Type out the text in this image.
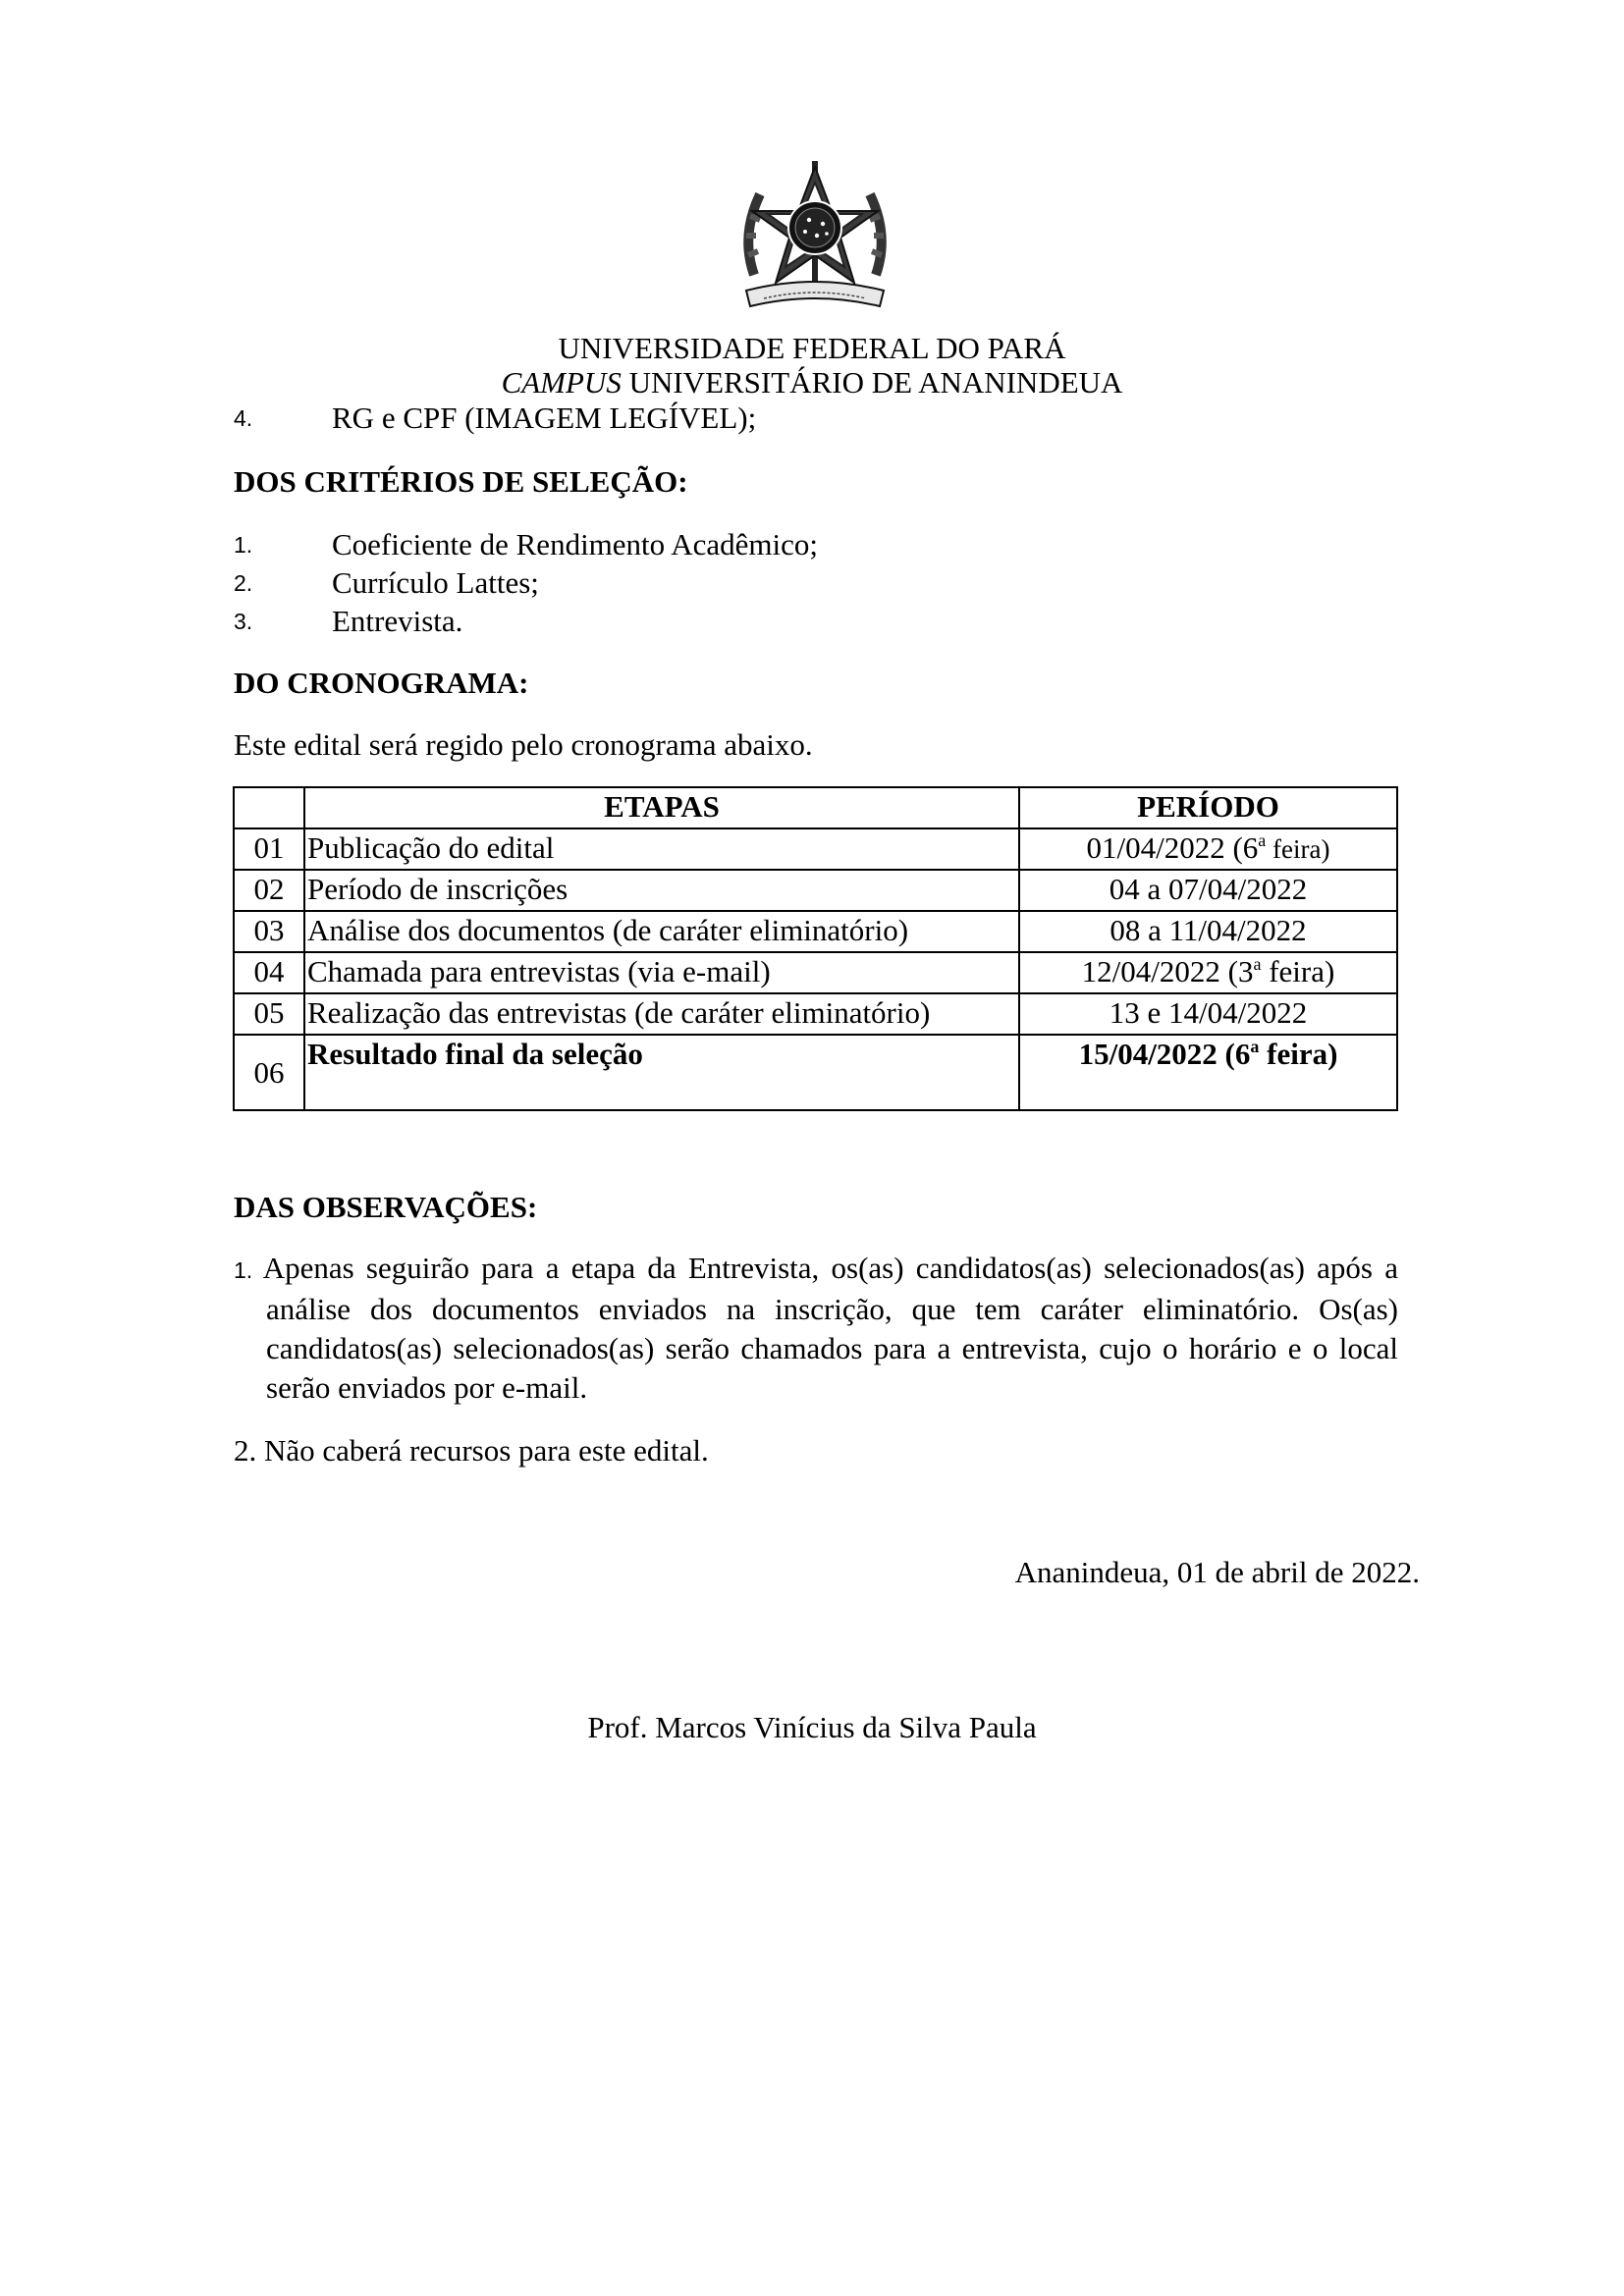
UNIVERSIDADE FEDERAL DO PARÁ
CAMPUS UNIVERSITÁRIO DE ANANINDEUA
4.	RG e CPF (IMAGEM LEGÍVEL);
DOS CRITÉRIOS DE SELEÇÃO:
1.	Coeficiente de Rendimento Acadêmico;
2.	Currículo Lattes;
3.	Entrevista.
DO CRONOGRAMA:
Este edital será regido pelo cronograma abaixo.
	ETAPAS	PERÍODO
01	Publicação do edital	01/04/2022 (6$^a$ feira)
02	Período de inscrições	04 a 07/04/2022
03	Análise dos documentos (de caráter eliminatório)	08 a 11/04/2022
04	Chamada para entrevistas (via e-mail)	12/04/2022 (3$^a$ feira)
05	Realização das entrevistas (de caráter eliminatório)	13 e 14/04/2022
06	Resultado final da seleção	15/04/2022 (6$^a$ feira)
DAS OBSERVAÇÕES:
1. Apenas seguirão para a etapa da Entrevista, os(as) candidatos(as) selecionados(as) após a análise dos documentos enviados na inscrição, que tem caráter eliminatório. Os(as) candidatos(as) selecionados(as) serão chamados para a entrevista, cujo o horário e o local serão enviados por e-mail.
2. Não caberá recursos para este edital.
Ananindeua, 01 de abril de 2022.
Prof. Marcos Vinícius da Silva Paula
